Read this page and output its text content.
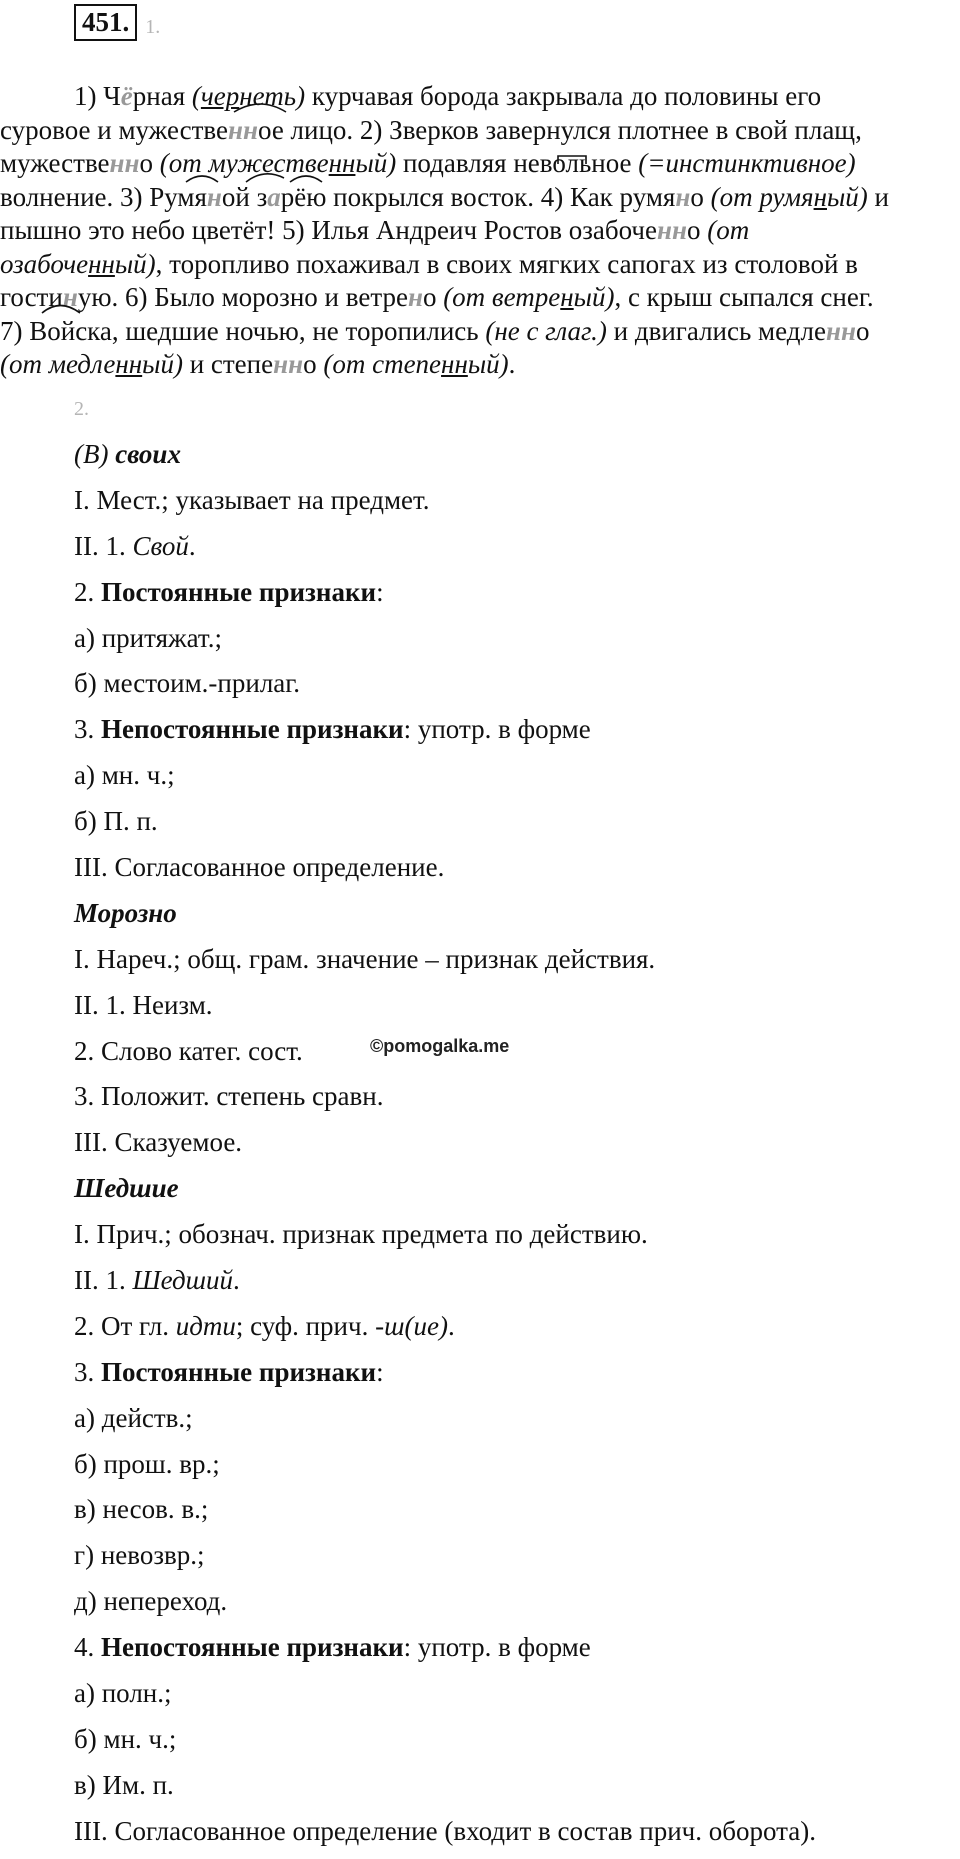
451. 1.
1) Чёрная (чернеть) курчавая борода закрывала до половины его
суровое и мужественное лицо. 2) Зверков завернулся плотнее в свой плащ,
мужественно (от мужественный) подавляя невольное (=инстинктивное)
волнение. 3) Румяной зарёю покрылся восток. 4) Как румяно (от румяный) и
пышно это небо цветёт! 5) Илья Андреич Ростов озабоченно (от
озабоченный), торопливо похаживал в своих мягких сапогах из столовой в
гостиную. 6) Было морозно и ветрено (от ветреный), с крыш сыпался снег.
7) Войска, шедшие ночью, не торопились (не с глаг.) и двигались медленно
(от медленный) и степенно (от степенный).
2.
(В) своих
I. Мест.; указывает на предмет.
II. 1. Свой.
2. Постоянные признаки:
а) притяжат.;
б) местоим.-прилаг.
3. Непостоянные признаки: употр. в форме
а) мн. ч.;
б) П. п.
III. Согласованное определение.
Морозно
I. Нареч.; общ. грам. значение – признак действия.
II. 1. Неизм.
2. Слово катег. сост.
3. Положит. степень сравн.
III. Сказуемое.
Шедшие
I. Прич.; обознач. признак предмета по действию.
II. 1. Шедший.
2. От гл. идти; суф. прич. -ш(ие).
3. Постоянные признаки:
а) действ.;
б) прош. вр.;
в) несов. в.;
г) невозвр.;
д) непереход.
4. Непостоянные признаки: употр. в форме
а) полн.;
б) мн. ч.;
в) Им. п.
III. Согласованное определение (входит в состав прич. оборота).
©pomogalka.me
